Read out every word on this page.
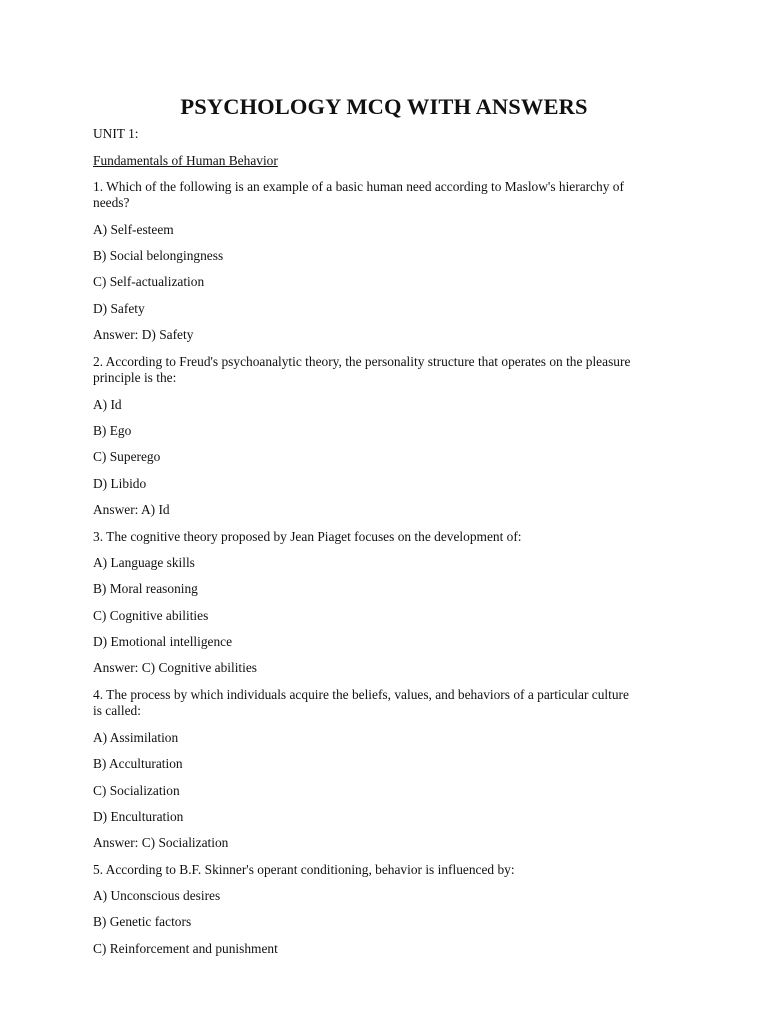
PSYCHOLOGY MCQ WITH ANSWERS
UNIT 1:
Fundamentals of Human Behavior
1. Which of the following is an example of a basic human need according to Maslow's hierarchy of
needs?
A) Self-esteem
B) Social belongingness
C) Self-actualization
D) Safety
Answer: D) Safety
2. According to Freud's psychoanalytic theory, the personality structure that operates on the pleasure
principle is the:
A) Id
B) Ego
C) Superego
D) Libido
Answer: A) Id
3. The cognitive theory proposed by Jean Piaget focuses on the development of:
A) Language skills
B) Moral reasoning
C) Cognitive abilities
D) Emotional intelligence
Answer: C) Cognitive abilities
4. The process by which individuals acquire the beliefs, values, and behaviors of a particular culture
is called:
A) Assimilation
B) Acculturation
C) Socialization
D) Enculturation
Answer: C) Socialization
5. According to B.F. Skinner's operant conditioning, behavior is influenced by:
A) Unconscious desires
B) Genetic factors
C) Reinforcement and punishment
